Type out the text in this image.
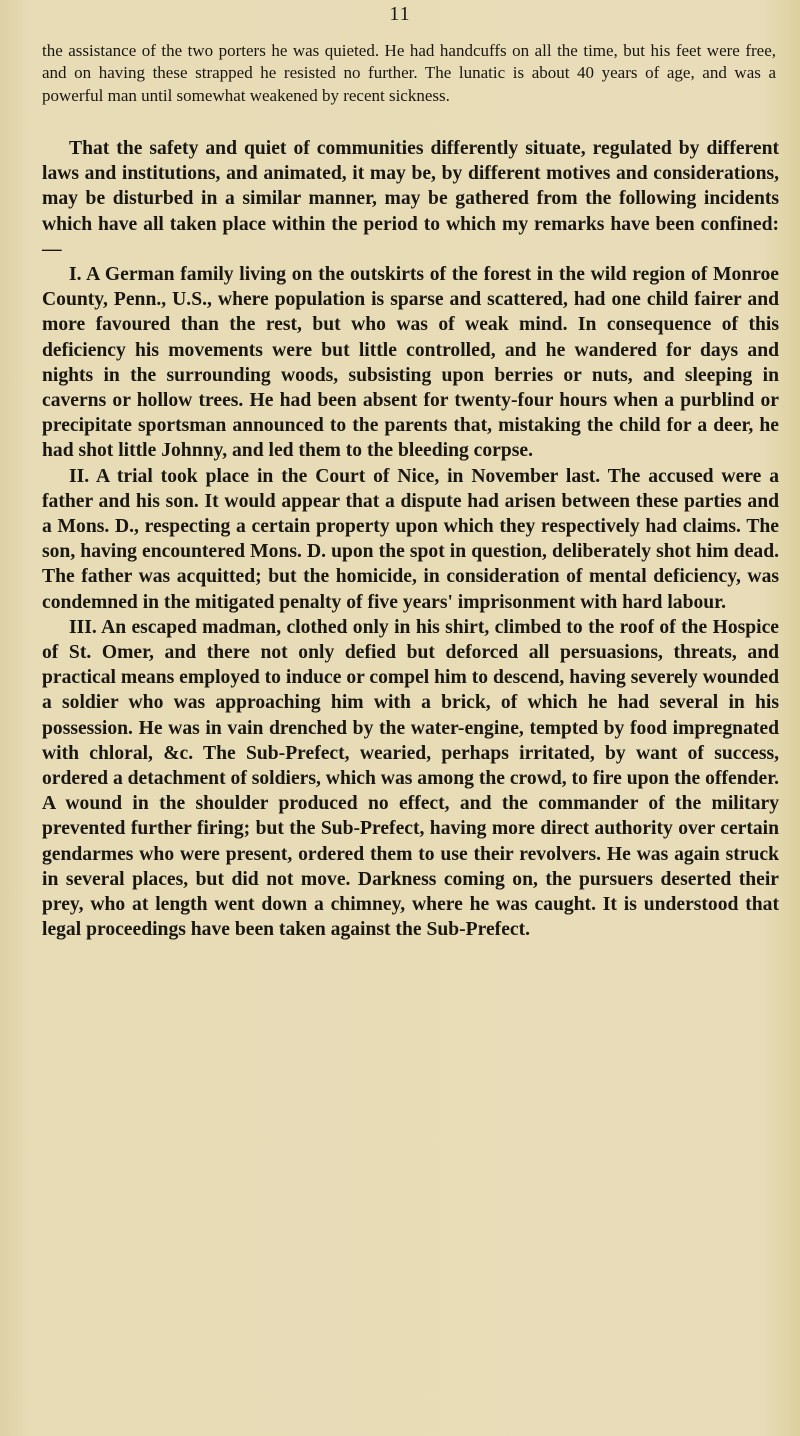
11

the assistance of the two porters he was quieted. He had handcuffs on all the time, but his feet were free, and on having these strapped he resisted no further. The lunatic is about 40 years of age, and was a powerful man until somewhat weakened by recent sickness.

That the safety and quiet of communities differently situate, regulated by different laws and institutions, and animated, it may be, by different motives and considerations, may be disturbed in a similar manner, may be gathered from the following incidents which have all taken place within the period to which my remarks have been confined:—

I. A German family living on the outskirts of the forest in the wild region of Monroe County, Penn., U.S., where population is sparse and scattered, had one child fairer and more favoured than the rest, but who was of weak mind. In consequence of this deficiency his movements were but little controlled, and he wandered for days and nights in the surrounding woods, subsisting upon berries or nuts, and sleeping in caverns or hollow trees. He had been absent for twenty-four hours when a purblind or precipitate sportsman announced to the parents that, mistaking the child for a deer, he had shot little Johnny, and led them to the bleeding corpse.

II. A trial took place in the Court of Nice, in November last. The accused were a father and his son. It would appear that a dispute had arisen between these parties and a Mons. D., respecting a certain property upon which they respectively had claims. The son, having encountered Mons. D. upon the spot in question, deliberately shot him dead. The father was acquitted; but the homicide, in consideration of mental deficiency, was condemned in the mitigated penalty of five years' imprisonment with hard labour.

III. An escaped madman, clothed only in his shirt, climbed to the roof of the Hospice of St. Omer, and there not only defied but deforced all persuasions, threats, and practical means employed to induce or compel him to descend, having severely wounded a soldier who was approaching him with a brick, of which he had several in his possession. He was in vain drenched by the water-engine, tempted by food impregnated with chloral, &c. The Sub-Prefect, wearied, perhaps irritated, by want of success, ordered a detachment of soldiers, which was among the crowd, to fire upon the offender. A wound in the shoulder produced no effect, and the commander of the military prevented further firing; but the Sub-Prefect, having more direct authority over certain gendarmes who were present, ordered them to use their revolvers. He was again struck in several places, but did not move. Darkness coming on, the pursuers deserted their prey, who at length went down a chimney, where he was caught. It is understood that legal proceedings have been taken against the Sub-Prefect.
